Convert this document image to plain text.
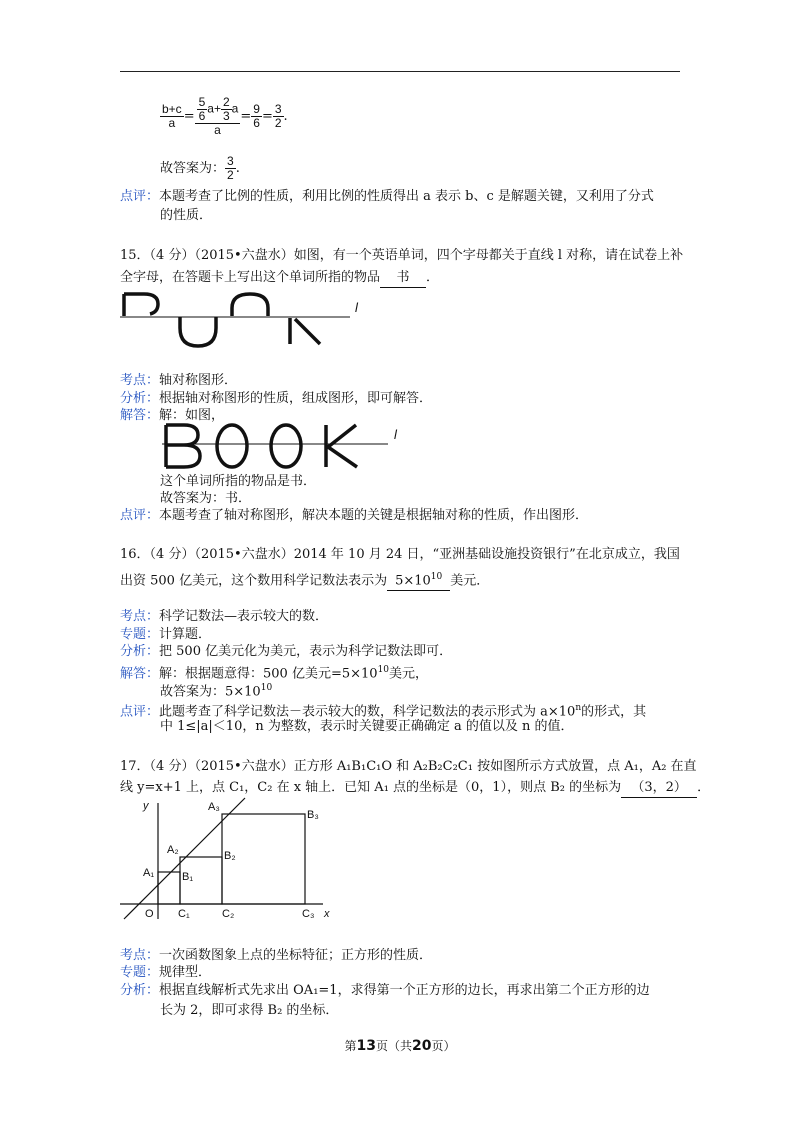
$\frac{b+c}{a} = \frac{\frac{5}{6} a+ \frac{2}{3} a}{a} = \frac{9}{6} = \frac{3}{2}$ .
故答案为： $\frac{3}{2}$ .
点评：本题考查了比例的性质，利用比例的性质得出 a 表示 b、c 是解题关键，又利用了分式
的性质．
15．（4 分）（2015•六盘水）如图，有一个英语单词，四个字母都关于直线 l 对称，请在试卷上补
全字母，在答题卡上写出这个单词所指的物品 书 ．
l
考点：轴对称图形．
分析：根据轴对称图形的性质，组成图形，即可解答．
解答：解：如图，
l
这个单词所指的物品是书．
故答案为：书．
点评：本题考查了轴对称图形，解决本题的关键是根据轴对称的性质，作出图形．
16．（4 分）（2015•六盘水）2014 年 10 月 24 日，“亚洲基础设施投资银行”在北京成立，我国
出资 500 亿美元，这个数用科学记数法表示为 $5\times 10^{10}$ 美元．
考点：科学记数法—表示较大的数．
专题：计算题．
分析：把 500 亿美元化为美元，表示为科学记数法即可．
解答：解：根据题意得：500 亿美元$=5\times 10^{10}$美元，
故答案为：$5\times 10^{10}$
点评：此题考查了科学记数法－表示较大的数，科学记数法的表示形式为 $a\times 10^n$的形式，其
中 1≤|a|＜10，n 为整数，表示时关键要正确确定 a 的值以及 n 的值．
17．（4 分）（2015•六盘水）正方形 A₁B₁C₁O 和 A₂B₂C₂C₁ 按如图所示方式放置，点 A₁，A₂ 在直
线 y=x+1 上，点 C₁，C₂ 在 x 轴上．已知 A₁ 点的坐标是（0，1），则点 B₂ 的坐标为 （3，2） ．
y
x
O
A₁
A₂
A₃
B₁
B₂
B₃
C₁	C₂	C₃
考点：一次函数图象上点的坐标特征；正方形的性质．
专题：规律型．
分析：根据直线解析式先求出 OA₁=1，求得第一个正方形的边长，再求出第二个正方形的边
长为 2，即可求得 B₂ 的坐标．
第13页（共20页）
